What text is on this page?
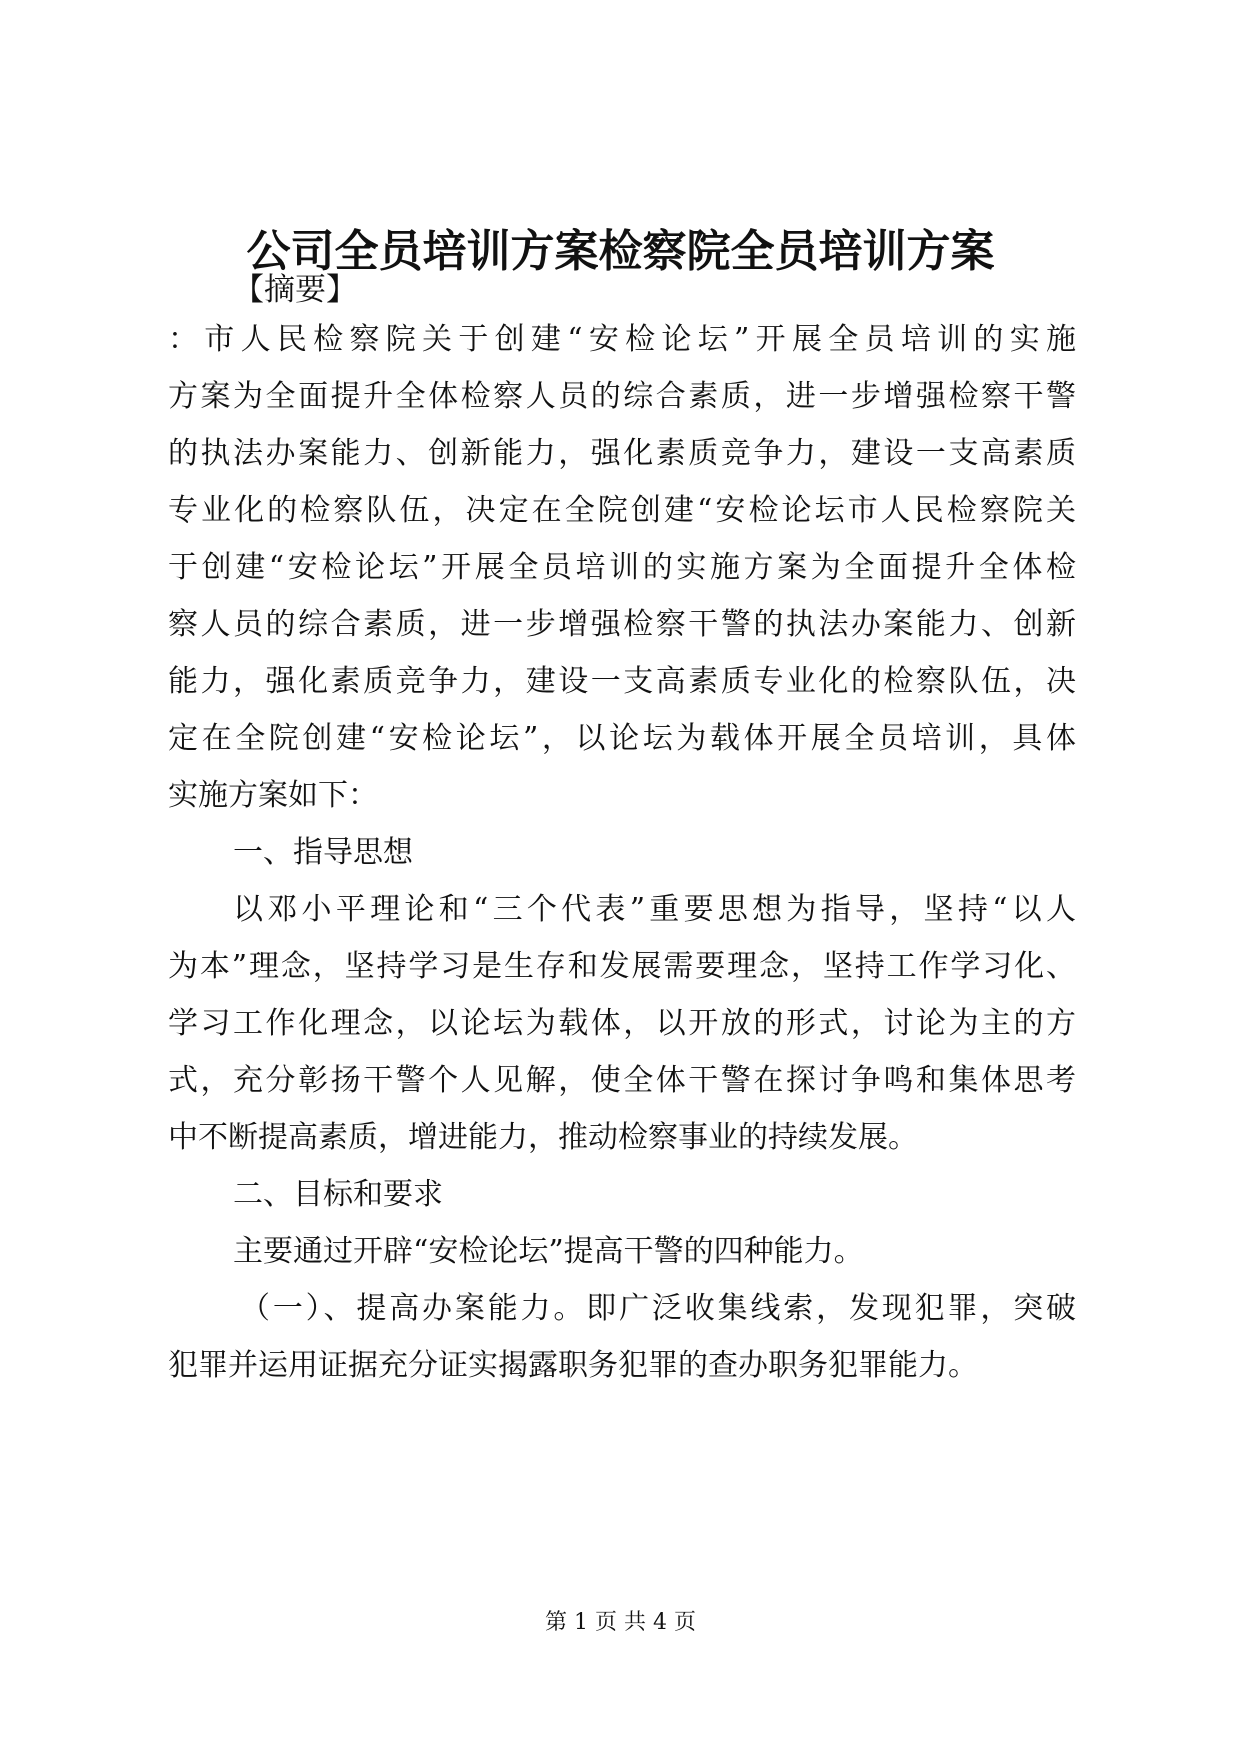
公司全员培训方案检察院全员培训方案
【摘要】
：市人民检察院关于创建“安检论坛”开展全员培训的实施
方案为全面提升全体检察人员的综合素质，进一步增强检察干警
的执法办案能力、创新能力，强化素质竞争力，建设一支高素质
专业化的检察队伍，决定在全院创建“安检论坛市人民检察院关
于创建“安检论坛”开展全员培训的实施方案为全面提升全体检
察人员的综合素质，进一步增强检察干警的执法办案能力、创新
能力，强化素质竞争力，建设一支高素质专业化的检察队伍，决
定在全院创建“安检论坛”，以论坛为载体开展全员培训，具体
实施方案如下：
一、指导思想
以邓小平理论和“三个代表”重要思想为指导，坚持“以人
为本”理念，坚持学习是生存和发展需要理念，坚持工作学习化、
学习工作化理念，以论坛为载体，以开放的形式，讨论为主的方
式，充分彰扬干警个人见解，使全体干警在探讨争鸣和集体思考
中不断提高素质，增进能力，推动检察事业的持续发展。
二、目标和要求
主要通过开辟“安检论坛”提高干警的四种能力。
（一）、提高办案能力。即广泛收集线索，发现犯罪，突破
犯罪并运用证据充分证实揭露职务犯罪的查办职务犯罪能力。
第 1 页 共 4 页
